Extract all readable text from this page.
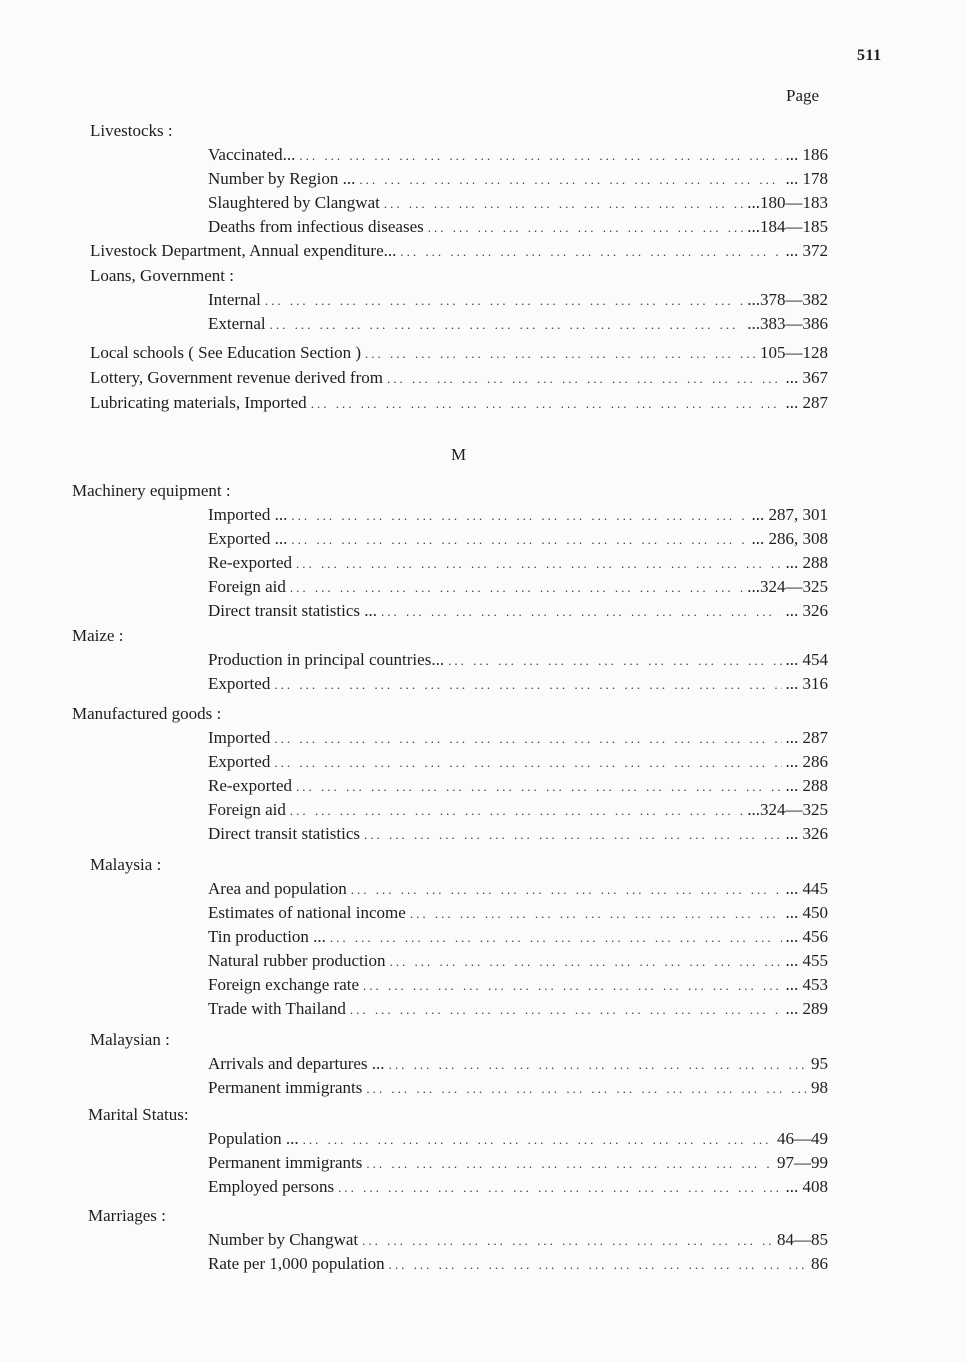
511
Page
M
Livestocks :
Vaccinated... ... .	... 186
Number by Region ... ... .	... 178
Slaughtered by Clangwat ... .	...180—183
Deaths from infectious diseases ... .	...184—185
Livestock Department, Annual expenditure... ... .	... 372
Loans, Government :
Internal ... .	...378—382
External ... .	...383—386
Local schools ( See Education Section ) ... .	105—128
Lottery, Government revenue derived from ... .	... 367
Lubricating materials, Imported ... .	... 287
Machinery equipment :
Imported ... ... .	... 287, 301
Exported ... ... .	... 286, 308
Re-exported ... .	... 288
Foreign aid ... .	...324—325
Direct transit statistics ... ... .	... 326
Maize :
Production in principal countries... ... .	... 454
Exported ... .	... 316
Manufactured goods :
Imported ... .	... 287
Exported ... .	... 286
Re-exported ... .	... 288
Foreign aid ... .	...324—325
Direct transit statistics ... .	... 326
Malaysia :
Area and population ... .	... 445
Estimates of national income ... .	... 450
Tin production ... ... .	... 456
Natural rubber production ... .	... 455
Foreign exchange rate ... .	... 453
Trade with Thailand ... .	... 289
Malaysian :
Arrivals and departures ... ... .	95
Permanent immigrants ... .	98
Marital Status:
Population ... ... .	46—49
Permanent immigrants ... .	97—99
Employed persons ... .	... 408
Marriages :
Number by Changwat ... .	84—85
Rate per 1,000 population ... .	86
